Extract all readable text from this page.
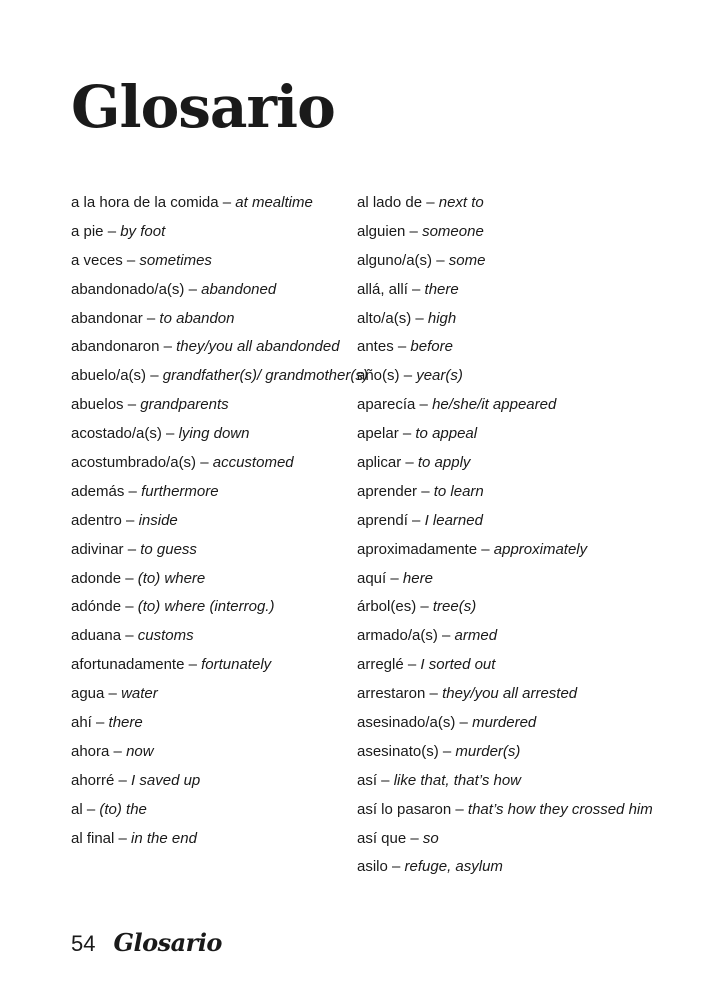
Glosario

a la hora de la comida – at mealtime

a pie – by foot

a veces – sometimes

abandonado/a(s) – abandoned

abandonar – to abandon

abandonaron – they/you all abandonded

abuelo/a(s) – grandfather(s)/ grandmother(s)

abuelos – grandparents

acostado/a(s) – lying down

acostumbrado/a(s) – accustomed

además – furthermore

adentro – inside

adivinar – to guess

adonde – (to) where

adónde – (to) where (interrog.)

aduana – customs

afortunadamente – fortunately

agua – water

ahí – there

ahora – now

ahorré – I saved up

al – (to) the

al final – in the end

al lado de – next to

alguien – someone

alguno/a(s) – some

allá, allí – there

alto/a(s) – high

antes – before

año(s) – year(s)

aparecía – he/she/it appeared

apelar – to appeal

aplicar – to apply

aprender – to learn

aprendí – I learned

aproximadamente – approximately

aquí – here

árbol(es) – tree(s)

armado/a(s) – armed

arreglé – I sorted out

arrestaron – they/you all arrested

asesinado/a(s) – murdered

asesinato(s) – murder(s)

así – like that, that’s how

así lo pasaron – that’s how they crossed him

así que – so

asilo – refuge, asylum

54 Glosario
